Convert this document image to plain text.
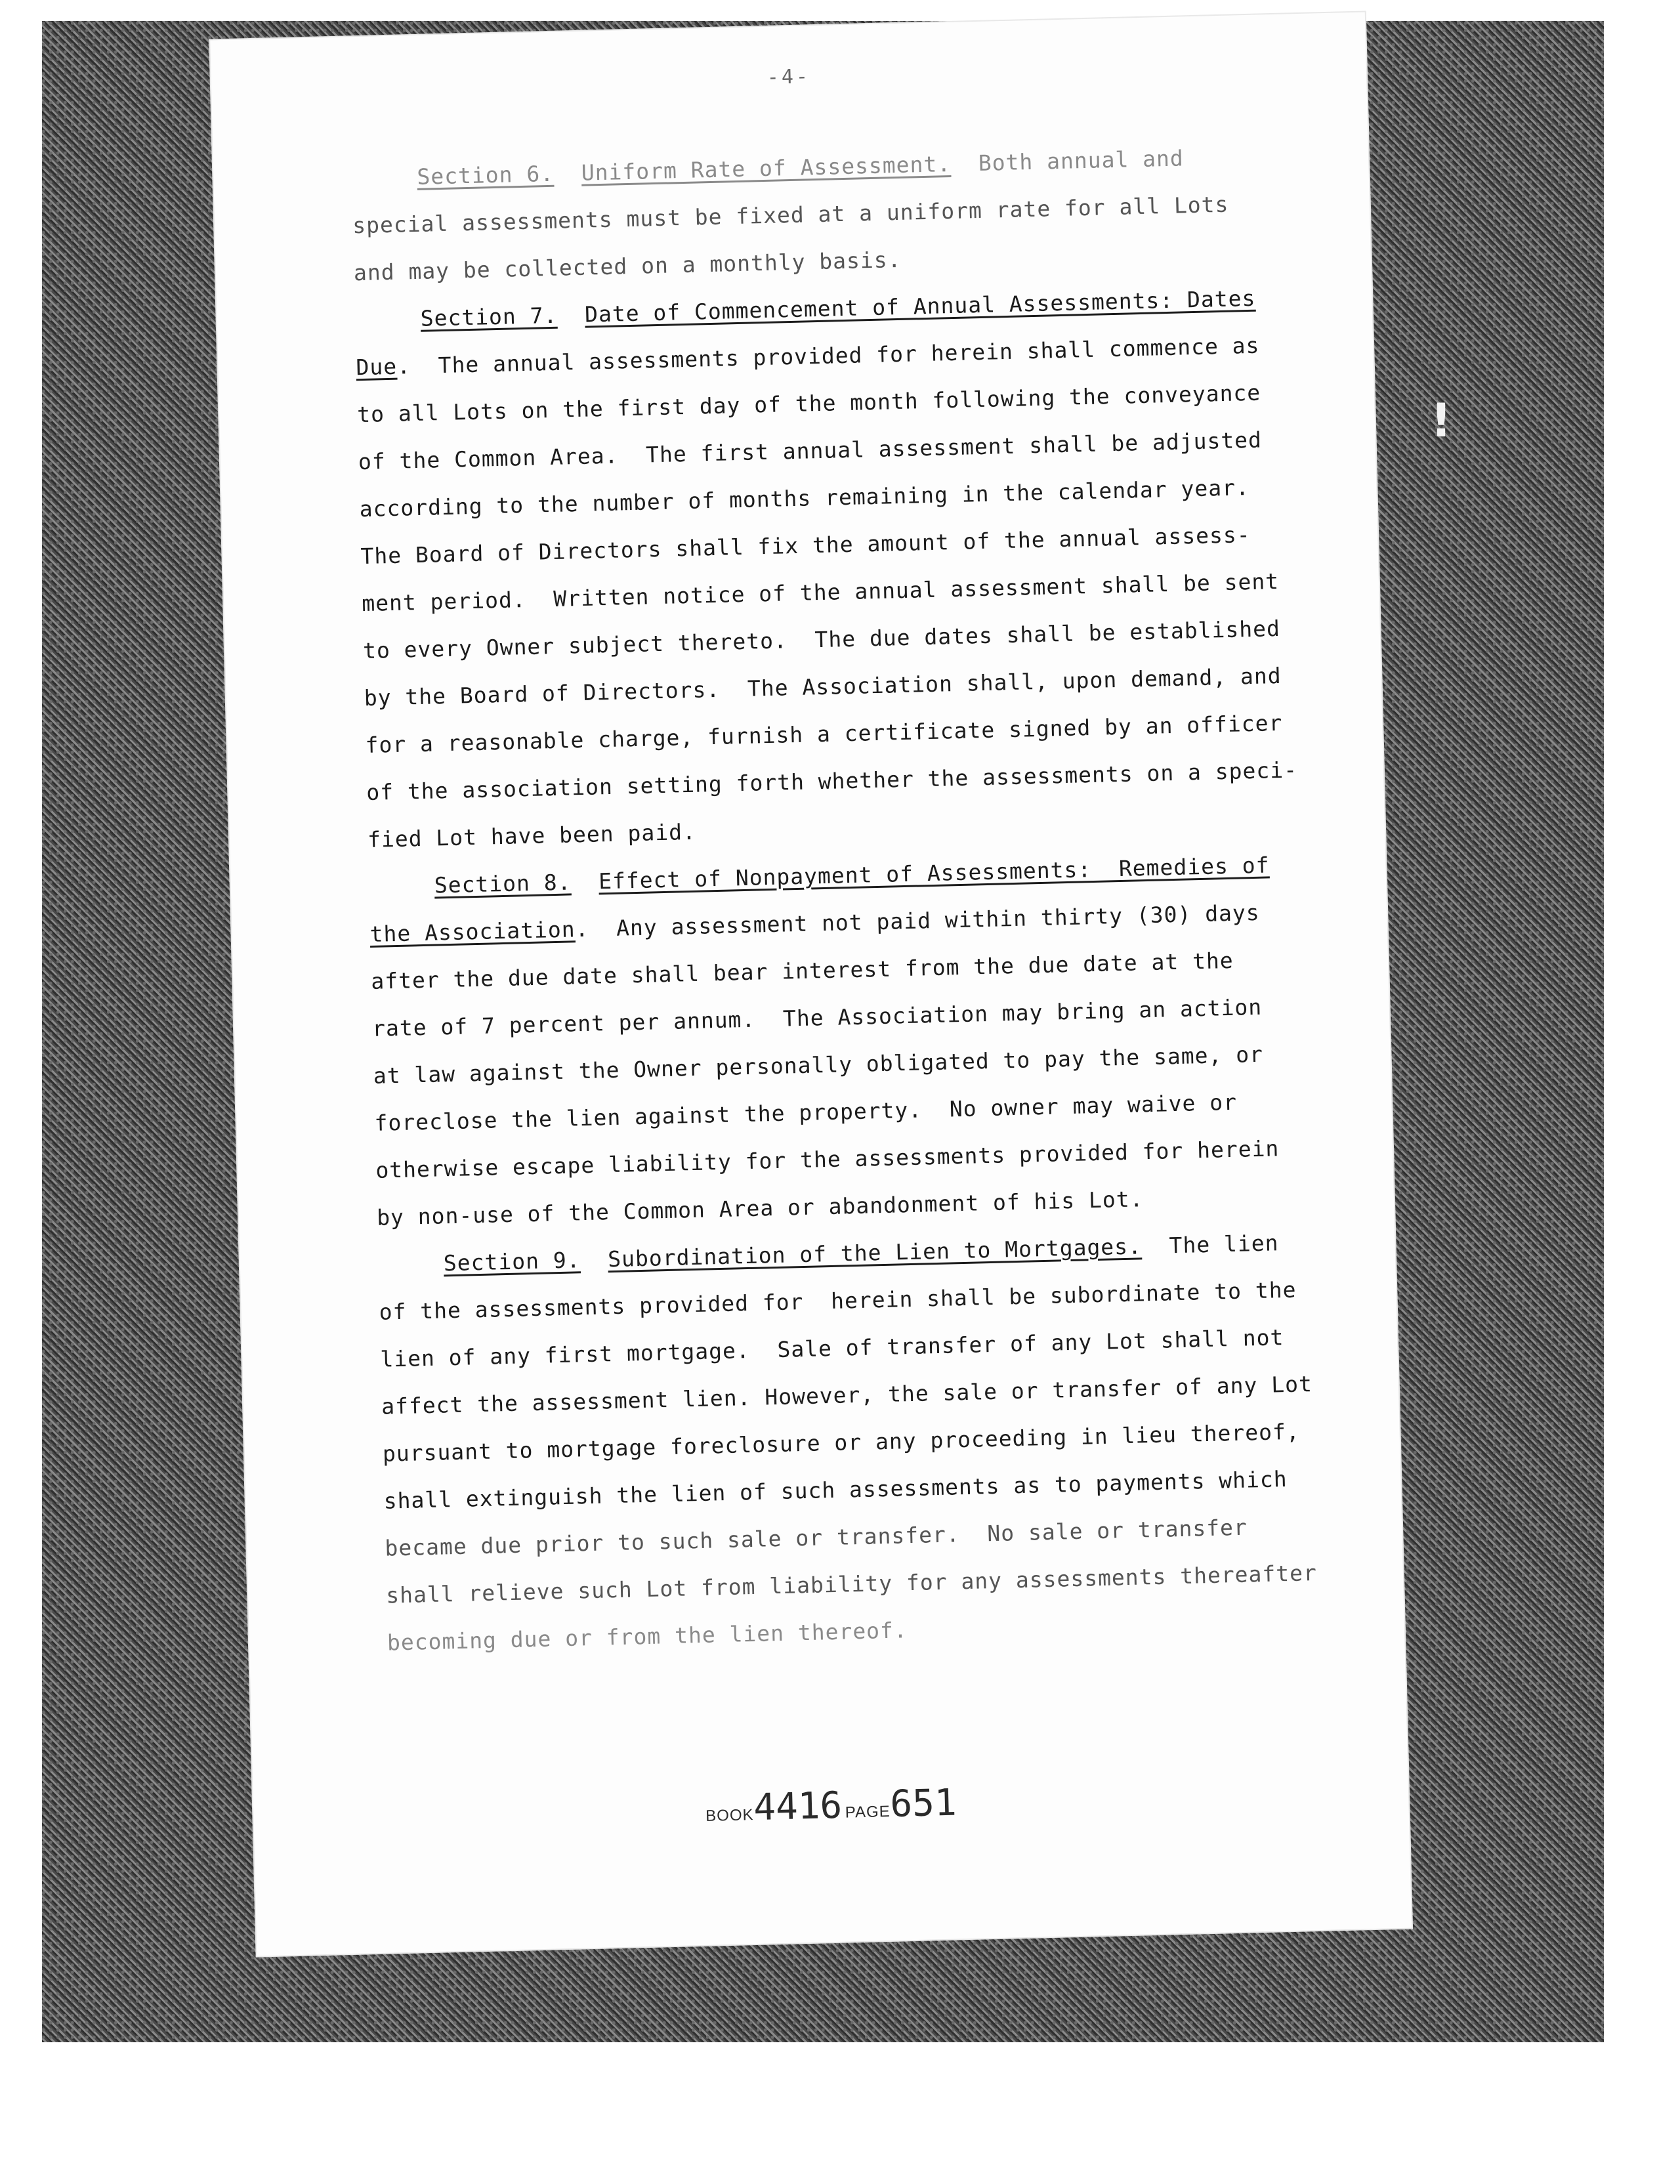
-4-
Section 6. Uniform Rate of Assessment. Both annual and
special assessments must be fixed at a uniform rate for all Lots
and may be collected on a monthly basis.
Section 7. Date of Commencement of Annual Assessments: Dates
Due.  The annual assessments provided for herein shall commence as
to all Lots on the first day of the month following the conveyance
of the Common Area.  The first annual assessment shall be adjusted
according to the number of months remaining in the calendar year.
The Board of Directors shall fix the amount of the annual assess-
ment period.  Written notice of the annual assessment shall be sent
to every Owner subject thereto.  The due dates shall be established
by the Board of Directors.  The Association shall, upon demand, and
for a reasonable charge, furnish a certificate signed by an officer
of the association setting forth whether the assessments on a speci-
fied Lot have been paid.
Section 8. Effect of Nonpayment of Assessments:  Remedies of
the Association.  Any assessment not paid within thirty (30) days
after the due date shall bear interest from the due date at the
rate of 7 percent per annum.  The Association may bring an action
at law against the Owner personally obligated to pay the same, or
foreclose the lien against the property.  No owner may waive or
otherwise escape liability for the assessments provided for herein
by non-use of the Common Area or abandonment of his Lot.
Section 9. Subordination of the Lien to Mortgages.  The lien
of the assessments provided for  herein shall be subordinate to the
lien of any first mortgage.  Sale of transfer of any Lot shall not
affect the assessment lien. However, the sale or transfer of any Lot
pursuant to mortgage foreclosure or any proceeding in lieu thereof,
shall extinguish the lien of such assessments as to payments which
became due prior to such sale or transfer.  No sale or transfer
shall relieve such Lot from liability for any assessments thereafter
becoming due or from the lien thereof.
BOOK4416 PAGE651
!
